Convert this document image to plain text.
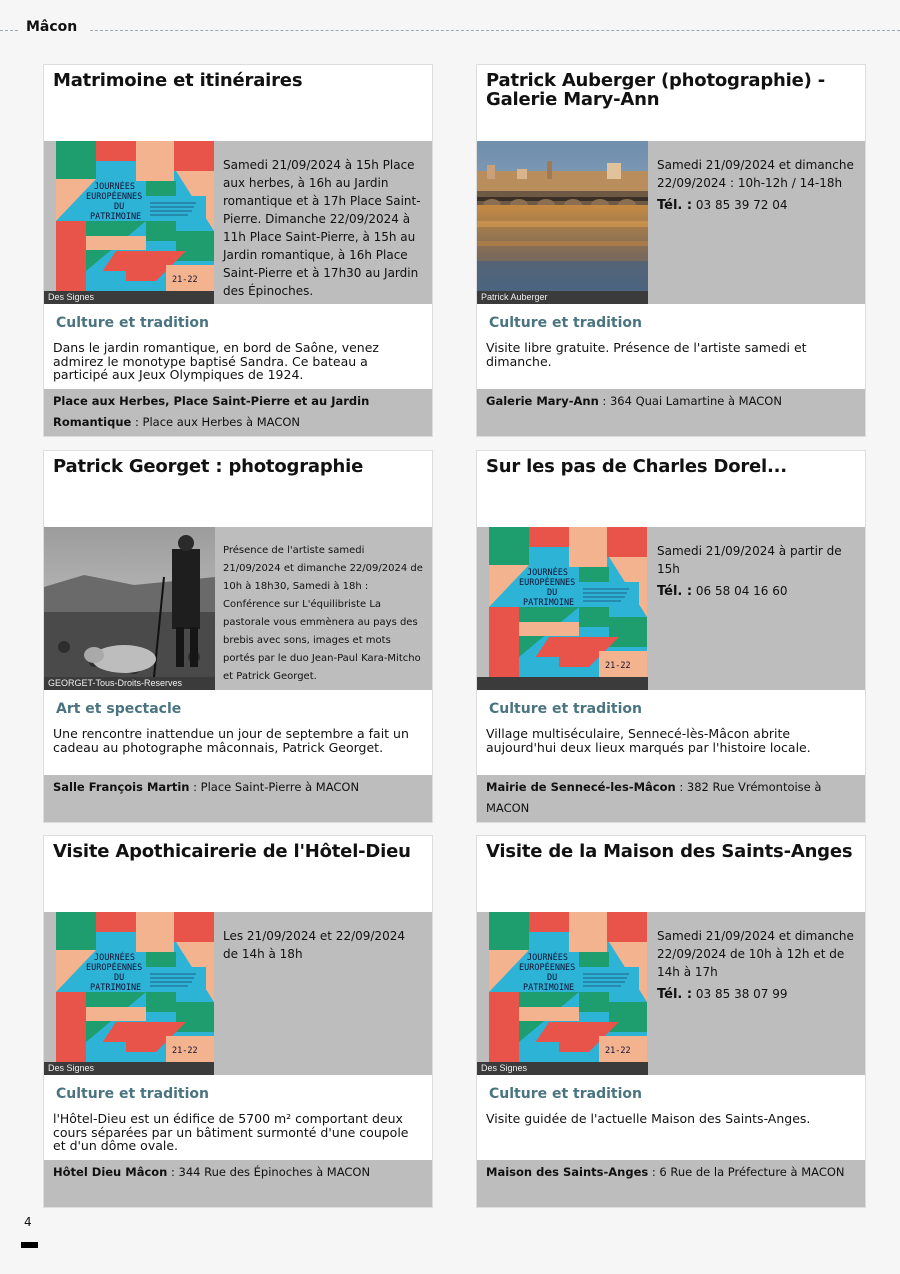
Mâcon
Matrimoine et itinéraires
JOURNÉES
EUROPÉENNES
DU
PATRIMOINE
21-22
Des Signes
Samedi 21/09/2024 à 15h Place aux herbes, à 16h au Jardin romantique et à 17h Place Saint-Pierre. Dimanche 22/09/2024 à 11h Place Saint-Pierre, à 15h au Jardin romantique, à 16h Place Saint-Pierre et à 17h30 au Jardin des Épinoches.
Culture et tradition
Dans le jardin romantique, en bord de Saône, venez admirez le monotype baptisé Sandra. Ce bateau a participé aux Jeux Olympiques de 1924.
Place aux Herbes, Place Saint-Pierre et au Jardin Romantique : Place aux Herbes à MACON
Patrick Auberger (photographie) - Galerie Mary-Ann
Patrick Auberger
Samedi 21/09/2024 et dimanche 22/09/2024 : 10h-12h / 14-18h
Tél. : 03 85 39 72 04
Culture et tradition
Visite libre gratuite. Présence de l'artiste samedi et dimanche.
Galerie Mary-Ann : 364 Quai Lamartine à MACON
Patrick Georget : photographie
GEORGET-Tous-Droits-Reserves
Présence de l'artiste samedi 21/09/2024 et dimanche 22/09/2024 de 10h à 18h30, Samedi à 18h : Conférence sur L'équilibriste La pastorale vous emmènera au pays des brebis avec sons, images et mots portés par le duo Jean-Paul Kara-Mitcho et Patrick Georget.
Art et spectacle
Une rencontre inattendue un jour de septembre a fait un cadeau au photographe mâconnais, Patrick Georget.
Salle François Martin : Place Saint-Pierre à MACON
Sur les pas de Charles Dorel...
JOURNÉES
EUROPÉENNES
DU
PATRIMOINE
21-22
Samedi 21/09/2024 à partir de 15h
Tél. : 06 58 04 16 60
Culture et tradition
Village multiséculaire, Sennecé-lès-Mâcon abrite aujourd'hui deux lieux marqués par l'histoire locale.
Mairie de Sennecé-les-Mâcon : 382 Rue Vrémontoise à MACON
Visite Apothicairerie de l'Hôtel-Dieu
JOURNÉES
EUROPÉENNES
DU
PATRIMOINE
21-22
Des Signes
Les 21/09/2024 et 22/09/2024 de 14h à 18h
Culture et tradition
l'Hôtel-Dieu est un édifice de 5700 m² comportant deux cours séparées par un bâtiment surmonté d'une coupole et d'un dôme ovale.
Hôtel Dieu Mâcon : 344 Rue des Épinoches à MACON
Visite de la Maison des Saints-Anges
JOURNÉES
EUROPÉENNES
DU
PATRIMOINE
21-22
Des Signes
Samedi 21/09/2024 et dimanche 22/09/2024 de 10h à 12h et de 14h à 17h
Tél. : 03 85 38 07 99
Culture et tradition
Visite guidée de l'actuelle Maison des Saints-Anges.
Maison des Saints-Anges : 6 Rue de la Préfecture à MACON
4
